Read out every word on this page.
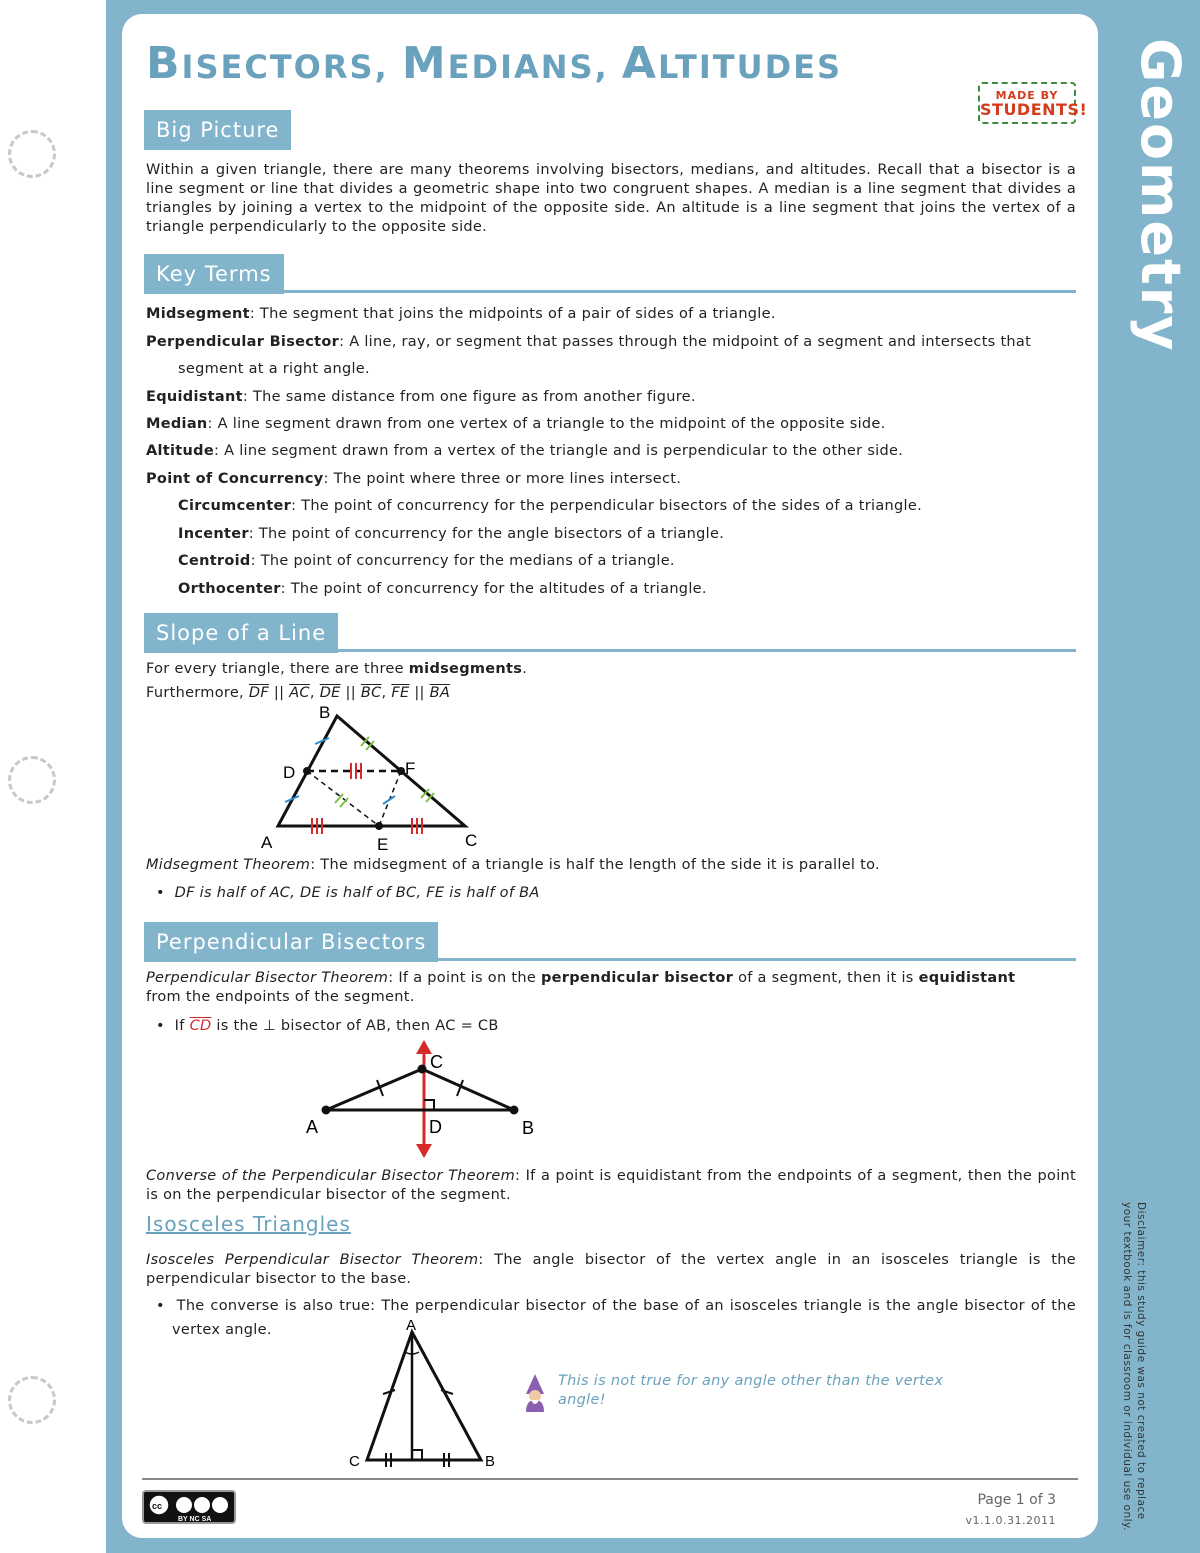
Geometry
Disclaimer: this study guide was not created to replace your textbook and is for classroom or individual use only.
BISECTORS, MEDIANS, ALTITUDES
MADE BY
STUDENTS!
Big Picture
Within a given triangle, there are many theorems involving bisectors, medians, and altitudes. Recall that a bisector is a line segment or line that divides a geometric shape into two congruent shapes. A median is a line segment that divides a triangles by joining a vertex to the midpoint of the opposite side. An altitude is a line segment that joins the vertex of a triangle perpendicularly to the opposite side.
Key Terms
Midsegment: The segment that joins the midpoints of a pair of sides of a triangle.
Perpendicular Bisector: A line, ray, or segment that passes through the midpoint of a segment and intersects that
segment at a right angle.
Equidistant: The same distance from one figure as from another figure.
Median: A line segment drawn from one vertex of a triangle to the midpoint of the opposite side.
Altitude: A line segment drawn from a vertex of the triangle and is perpendicular to the other side.
Point of Concurrency: The point where three or more lines intersect.
Circumcenter: The point of concurrency for the perpendicular bisectors of the sides of a triangle.
Incenter: The point of concurrency for the angle bisectors of a triangle.
Centroid: The point of concurrency for the medians of a triangle.
Orthocenter: The point of concurrency for the altitudes of a triangle.
Slope of a Line
For every triangle, there are three midsegments.
Furthermore, $\overline{DF}$ || $\overline{AC}$, $\overline{DE}$ || $\overline{BC}$, $\overline{FE}$ || $\overline{BA}$
B
D	F
A	E	C
Midsegment Theorem: The midsegment of a triangle is half the length of the side it is parallel to.
•  DF is half of AC, DE is half of BC, FE is half of BA
Perpendicular Bisectors
Perpendicular Bisector Theorem: If a point is on the perpendicular bisector of a segment, then it is equidistant
from the endpoints of the segment.
•  If $\overline{CD}$ is the ⊥ bisector of AB, then AC = CB
C
A	D	B
Converse of the Perpendicular Bisector Theorem: If a point is equidistant from the endpoints of a segment, then the point is on the perpendicular bisector of the segment.
Isosceles Triangles
Isosceles Perpendicular Bisector Theorem: The angle bisector of the vertex angle in an isosceles triangle is the perpendicular bisector to the base.
•  The converse is also true: The perpendicular bisector of the base of an isosceles triangle is the angle bisector of the vertex angle.	A
C	B
This is not true for any angle other than the vertex angle!
cc
BY NC SA
Page 1 of 3
v1.1.0.31.2011
